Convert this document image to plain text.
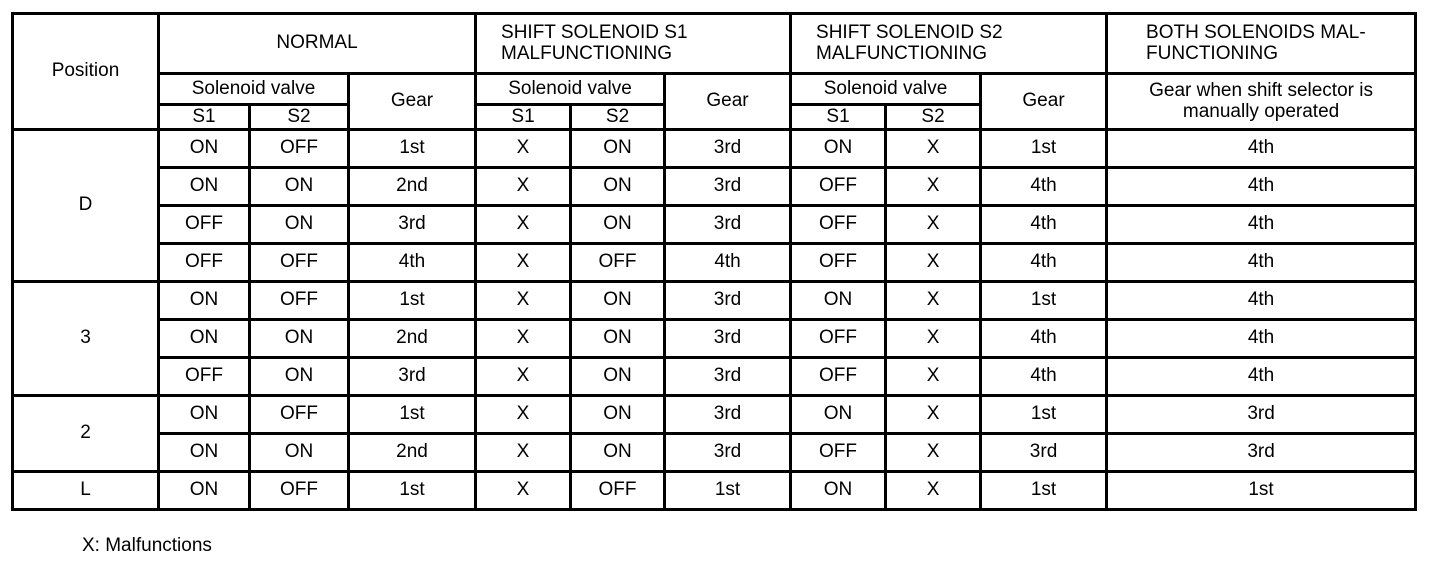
Position	NORMAL			SHIFT SOLENOID S1
MALFUNCTIONING			SHIFT SOLENOID S2
MALFUNCTIONING			BOTH SOLENOIDS MAL-
FUNCTIONING
	Solenoid valve		Gear	Solenoid valve		Gear	Solenoid valve		Gear	Gear when shift selector is
manually operated
	S1	S2		S1	S2		S1	S2		
D	ON	OFF	1st	X	ON	3rd	ON	X	1st	4th
	ON	ON	2nd	X	ON	3rd	OFF	X	4th	4th
	OFF	ON	3rd	X	ON	3rd	OFF	X	4th	4th
	OFF	OFF	4th	X	OFF	4th	OFF	X	4th	4th
3	ON	OFF	1st	X	ON	3rd	ON	X	1st	4th
	ON	ON	2nd	X	ON	3rd	OFF	X	4th	4th
	OFF	ON	3rd	X	ON	3rd	OFF	X	4th	4th
2	ON	OFF	1st	X	ON	3rd	ON	X	1st	3rd
	ON	ON	2nd	X	ON	3rd	OFF	X	3rd	3rd
L	ON	OFF	1st	X	OFF	1st	ON	X	1st	1st
X: Malfunctions
